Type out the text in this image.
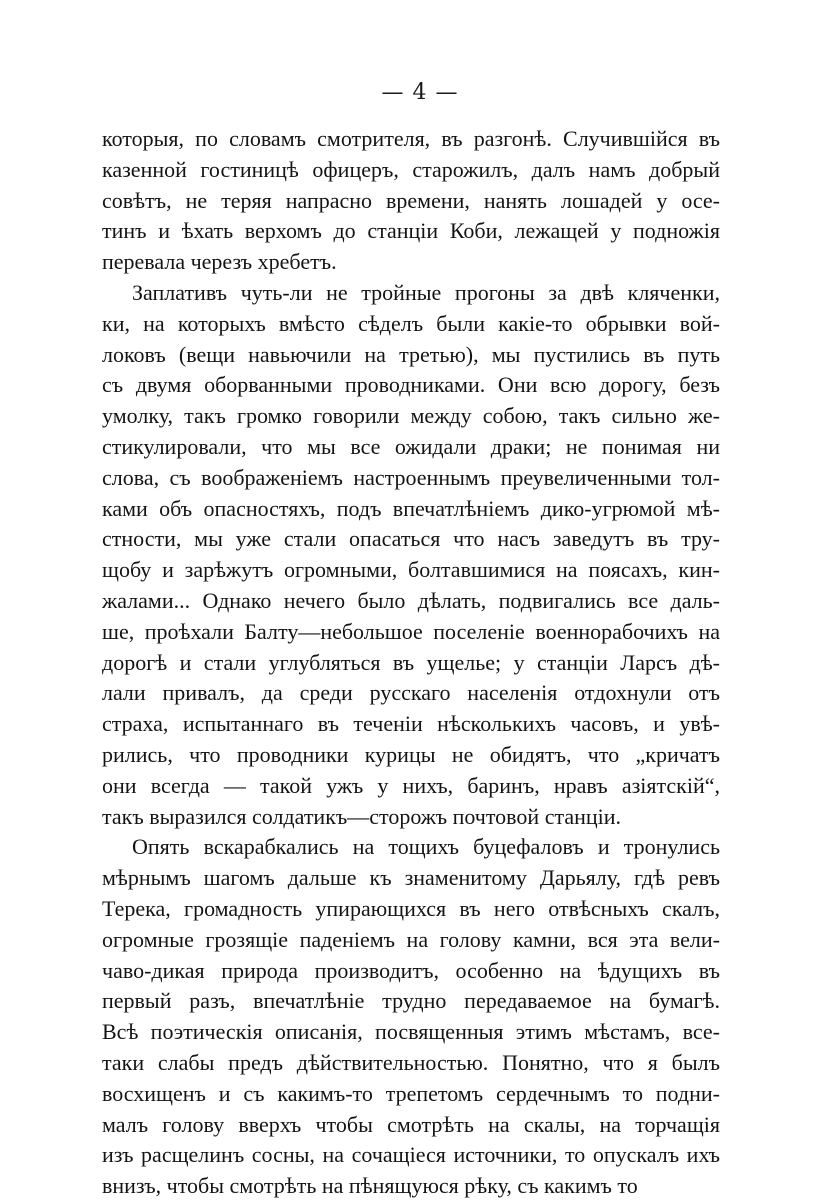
— 4 —
которыя, по словамъ смотрителя, въ разгонѣ. Случившійся въ
казенной гостиницѣ офицеръ, старожилъ, далъ намъ добрый
совѣтъ, не теряя напрасно времени, нанять лошадей у осе-
тинъ и ѣхать верхомъ до станціи Коби, лежащей у подножія
перевала черезъ хребетъ.
Заплативъ чуть-ли не тройные прогоны за двѣ кляченки,
ки, на которыхъ вмѣсто сѣделъ были какіе-то обрывки вой-
локовъ (вещи навьючили на третью), мы пустились въ путь
съ двумя оборванными проводниками. Они всю дорогу, безъ
умолку, такъ громко говорили между собою, такъ сильно же-
стикулировали, что мы все ожидали драки; не понимая ни
слова, съ воображеніемъ настроеннымъ преувеличенными тол-
ками объ опасностяхъ, подъ впечатлѣніемъ дико-угрюмой мѣ-
стности, мы уже стали опасаться что насъ заведутъ въ тру-
щобу и зарѣжутъ огромными, болтавшимися на поясахъ, кин-
жалами... Однако нечего было дѣлать, подвигались все даль-
ше, проѣхали Балту—небольшое поселеніе военнорабочихъ на
дорогѣ и стали углубляться въ ущелье; у станціи Ларсъ дѣ-
лали привалъ, да среди русскаго населенія отдохнули отъ
страха, испытаннаго въ теченіи нѣсколькихъ часовъ, и увѣ-
рились, что проводники курицы не обидятъ, что „кричатъ
они всегда — такой ужъ у нихъ, баринъ, нравъ азіятскій“,
такъ выразился солдатикъ—сторожъ почтовой станціи.
Опять вскарабкались на тощихъ буцефаловъ и тронулись
мѣрнымъ шагомъ дальше къ знаменитому Дарьялу, гдѣ ревъ
Терека, громадность упирающихся въ него отвѣсныхъ скалъ,
огромные грозящіе паденіемъ на голову камни, вся эта вели-
чаво-дикая природа производитъ, особенно на ѣдущихъ въ
первый разъ, впечатлѣніе трудно передаваемое на бумагѣ.
Всѣ поэтическія описанія, посвященныя этимъ мѣстамъ, все-
таки слабы предъ дѣйствительностью. Понятно, что я былъ
восхищенъ и съ какимъ-то трепетомъ сердечнымъ то подни-
малъ голову вверхъ чтобы смотрѣть на скалы, на торчащія
изъ расщелинъ сосны, на сочащіеся источники, то опускалъ ихъ
внизъ, чтобы смотрѣть на пѣнящуюся рѣку, съ какимъ то
